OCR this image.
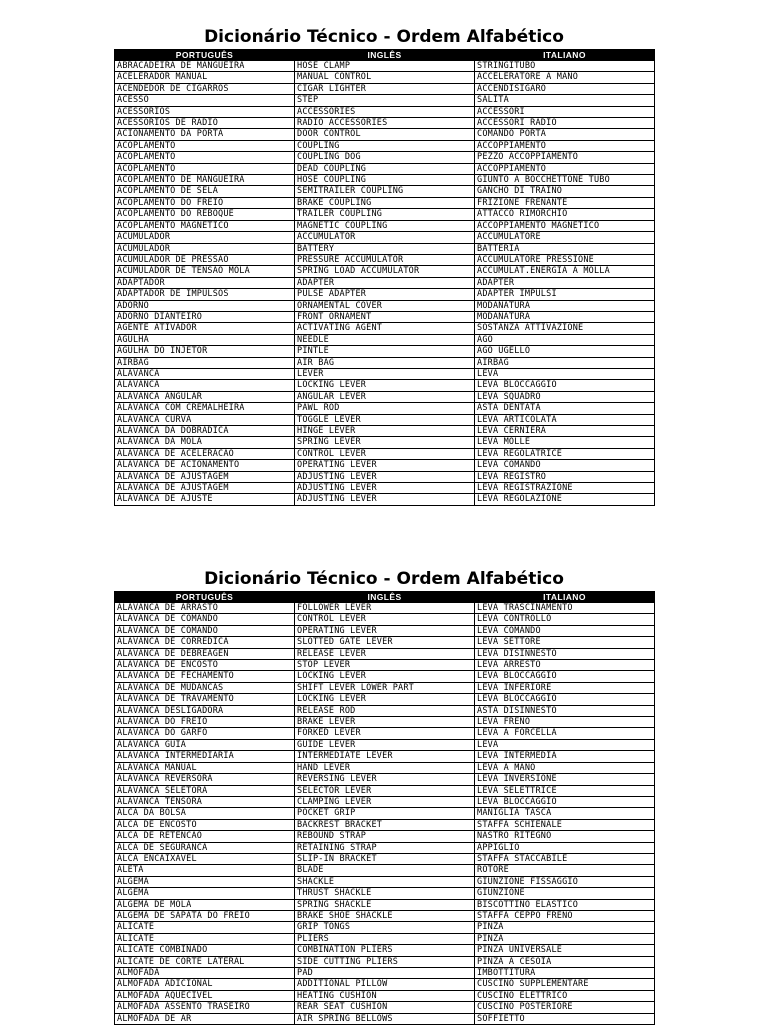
Dicionário Técnico - Ordem Alfabético
PORTUGUÊS	INGLÊS	ITALIANO
ABRACADEIRA DE MANGUEIRA	HOSE CLAMP	STRINGITUBO
ACELERADOR MANUAL	MANUAL CONTROL	ACCELERATORE A MANO
ACENDEDOR DE CIGARROS	CIGAR LIGHTER	ACCENDISIGARO
ACESSO	STEP	SALITA
ACESSORIOS	ACCESSORIES	ACCESSORI
ACESSORIOS DE RADIO	RADIO ACCESSORIES	ACCESSORI RADIO
ACIONAMENTO DA PORTA	DOOR CONTROL	COMANDO PORTA
ACOPLAMENTO	COUPLING	ACCOPPIAMENTO
ACOPLAMENTO	COUPLING DOG	PEZZO ACCOPPIAMENTO
ACOPLAMENTO	DEAD COUPLING	ACCOPPIAMENTO
ACOPLAMENTO DE MANGUEIRA	HOSE COUPLING	GIUNTO A BOCCHETTONE TUBO
ACOPLAMENTO DE SELA	SEMITRAILER COUPLING	GANCHO DI TRAINO
ACOPLAMENTO DO FREIO	BRAKE COUPLING	FRIZIONE FRENANTE
ACOPLAMENTO DO REBOQUE	TRAILER COUPLING	ATTACCO RIMORCHIO
ACOPLAMENTO MAGNETICO	MAGNETIC COUPLING	ACCOPPIAMENTO MAGNETICO
ACUMULADOR	ACCUMULATOR	ACCUMULATORE
ACUMULADOR	BATTERY	BATTERIA
ACUMULADOR DE PRESSAO	PRESSURE ACCUMULATOR	ACCUMULATORE PRESSIONE
ACUMULADOR DE TENSAO MOLA	SPRING LOAD ACCUMULATOR	ACCUMULAT.ENERGIA A MOLLA
ADAPTADOR	ADAPTER	ADAPTER
ADAPTADOR DE IMPULSOS	PULSE ADAPTER	ADAPTER IMPULSI
ADORNO	ORNAMENTAL COVER	MODANATURA
ADORNO DIANTEIRO	FRONT ORNAMENT	MODANATURA
AGENTE ATIVADOR	ACTIVATING AGENT	SOSTANZA ATTIVAZIONE
AGULHA	NEEDLE	AGO
AGULHA DO INJETOR	PINTLE	AGO UGELLO
AIRBAG	AIR BAG	AIRBAG
ALAVANCA	LEVER	LEVA
ALAVANCA	LOCKING LEVER	LEVA BLOCCAGGIO
ALAVANCA ANGULAR	ANGULAR LEVER	LEVA SQUADRO
ALAVANCA COM CREMALHEIRA	PAWL ROD	ASTA DENTATA
ALAVANCA CURVA	TOGGLE LEVER	LEVA ARTICOLATA
ALAVANCA DA DOBRADICA	HINGE LEVER	LEVA CERNIERA
ALAVANCA DA MOLA	SPRING LEVER	LEVA MOLLE
ALAVANCA DE ACELERACAO	CONTROL LEVER	LEVA REGOLATRICE
ALAVANCA DE ACIONAMENTO	OPERATING LEVER	LEVA COMANDO
ALAVANCA DE AJUSTAGEM	ADJUSTING LEVER	LEVA REGISTRO
ALAVANCA DE AJUSTAGEM	ADJUSTING LEVER	LEVA REGISTRAZIONE
ALAVANCA DE AJUSTE	ADJUSTING LEVER	LEVA REGOLAZIONE
Dicionário Técnico - Ordem Alfabético
PORTUGUÊS	INGLÊS	ITALIANO
ALAVANCA DE ARRASTO	FOLLOWER LEVER	LEVA TRASCINAMENTO
ALAVANCA DE COMANDO	CONTROL LEVER	LEVA CONTROLLO
ALAVANCA DE COMANDO	OPERATING LEVER	LEVA COMANDO
ALAVANCA DE CORREDICA	SLOTTED GATE LEVER	LEVA SETTORE
ALAVANCA DE DEBREAGEN	RELEASE LEVER	LEVA DISINNESTO
ALAVANCA DE ENCOSTO	STOP LEVER	LEVA ARRESTO
ALAVANCA DE FECHAMENTO	LOCKING LEVER	LEVA BLOCCAGGIO
ALAVANCA DE MUDANCAS	SHIFT LEVER LOWER PART	LEVA INFERIORE
ALAVANCA DE TRAVAMENTO	LOCKING LEVER	LEVA BLOCCAGGIO
ALAVANCA DESLIGADORA	RELEASE ROD	ASTA DISINNESTO
ALAVANCA DO FREIO	BRAKE LEVER	LEVA FRENO
ALAVANCA DO GARFO	FORKED LEVER	LEVA A FORCELLA
ALAVANCA GUIA	GUIDE LEVER	LEVA
ALAVANCA INTERMEDIARIA	INTERMEDIATE LEVER	LEVA INTERMEDIA
ALAVANCA MANUAL	HAND LEVER	LEVA A MANO
ALAVANCA REVERSORA	REVERSING LEVER	LEVA INVERSIONE
ALAVANCA SELETORA	SELECTOR LEVER	LEVA SELETTRICE
ALAVANCA TENSORA	CLAMPING LEVER	LEVA BLOCCAGGIO
ALCA DA BOLSA	POCKET GRIP	MANIGLIA TASCA
ALCA DE ENCOSTO	BACKREST BRACKET	STAFFA SCHIENALE
ALCA DE RETENCAO	REBOUND STRAP	NASTRO RITEGNO
ALCA DE SEGURANCA	RETAINING STRAP	APPIGLIO
ALCA ENCAIXAVEL	SLIP-IN BRACKET	STAFFA STACCABILE
ALETA	BLADE	ROTORE
ALGEMA	SHACKLE	GIUNZIONE FISSAGGIO
ALGEMA	THRUST SHACKLE	GIUNZIONE
ALGEMA DE MOLA	SPRING SHACKLE	BISCOTTINO ELASTICO
ALGEMA DE SAPATA DO FREIO	BRAKE SHOE SHACKLE	STAFFA CEPPO FRENO
ALICATE	GRIP TONGS	PINZA
ALICATE	PLIERS	PINZA
ALICATE COMBINADO	COMBINATION PLIERS	PINZA UNIVERSALE
ALICATE DE CORTE LATERAL	SIDE CUTTING PLIERS	PINZA A CESOIA
ALMOFADA	PAD	IMBOTTITURA
ALMOFADA ADICIONAL	ADDITIONAL PILLOW	CUSCINO SUPPLEMENTARE
ALMOFADA AQUECIVEL	HEATING CUSHION	CUSCINO ELETTRICO
ALMOFADA ASSENTO TRASEIRO	REAR SEAT CUSHION	CUSCINO POSTERIORE
ALMOFADA DE AR	AIR SPRING BELLOWS	SOFFIETTO
